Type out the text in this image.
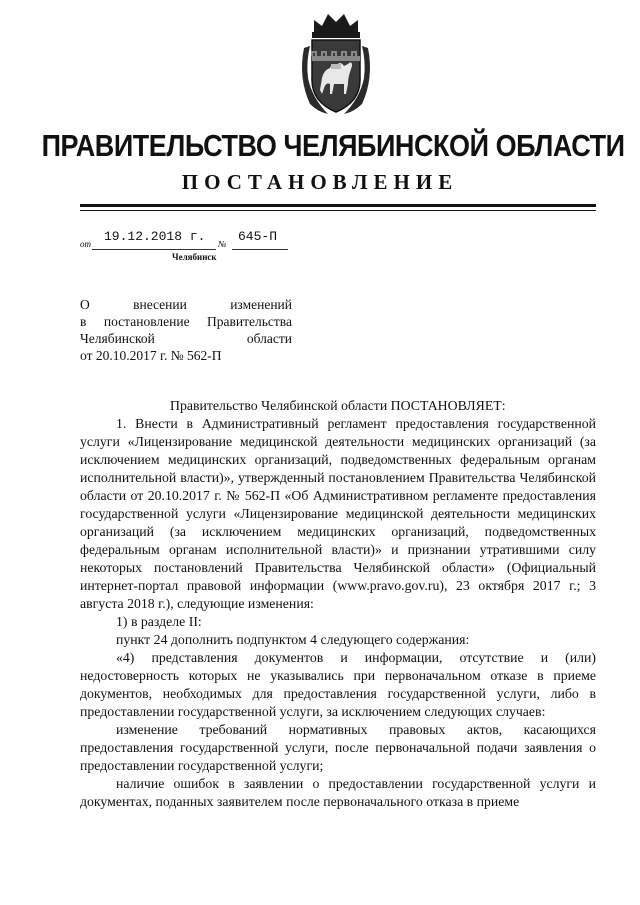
ПРАВИТЕЛЬСТВО ЧЕЛЯБИНСКОЙ ОБЛАСТИ
ПОСТАНОВЛЕНИЕ
от 19.12.2018 г. № 645-П
Челябинск
О внесении изменений
в постановление Правительства
Челябинской области
от 20.10.2017 г. № 562-П

Правительство Челябинской области ПОСТАНОВЛЯЕТ:

1. Внести в Административный регламент предоставления государственной услуги «Лицензирование медицинской деятельности медицинских организаций (за исключением медицинских организаций, подведомственных федеральным органам исполнительной власти)», утвержденный постановлением Правительства Челябинской области от 20.10.2017 г. № 562-П «Об Административном регламенте предоставления государственной услуги «Лицензирование медицинской деятельности медицинских организаций (за исключением медицинских организаций, подведомственных федеральным органам исполнительной власти)» и признании утратившими силу некоторых постановлений Правительства Челябинской области» (Официальный интернет-портал правовой информации (www.pravo.gov.ru), 23 октября 2017 г.; 3 августа 2018 г.), следующие изменения:

1) в разделе II:

пункт 24 дополнить подпунктом 4 следующего содержания:

«4) представления документов и информации, отсутствие и (или) недостоверность которых не указывались при первоначальном отказе в приеме документов, необходимых для предоставления государственной услуги, либо в предоставлении государственной услуги, за исключением следующих случаев:

изменение требований нормативных правовых актов, касающихся предоставления государственной услуги, после первоначальной подачи заявления о предоставлении государственной услуги;

наличие ошибок в заявлении о предоставлении государственной услуги и документах, поданных заявителем после первоначального отказа в приеме
